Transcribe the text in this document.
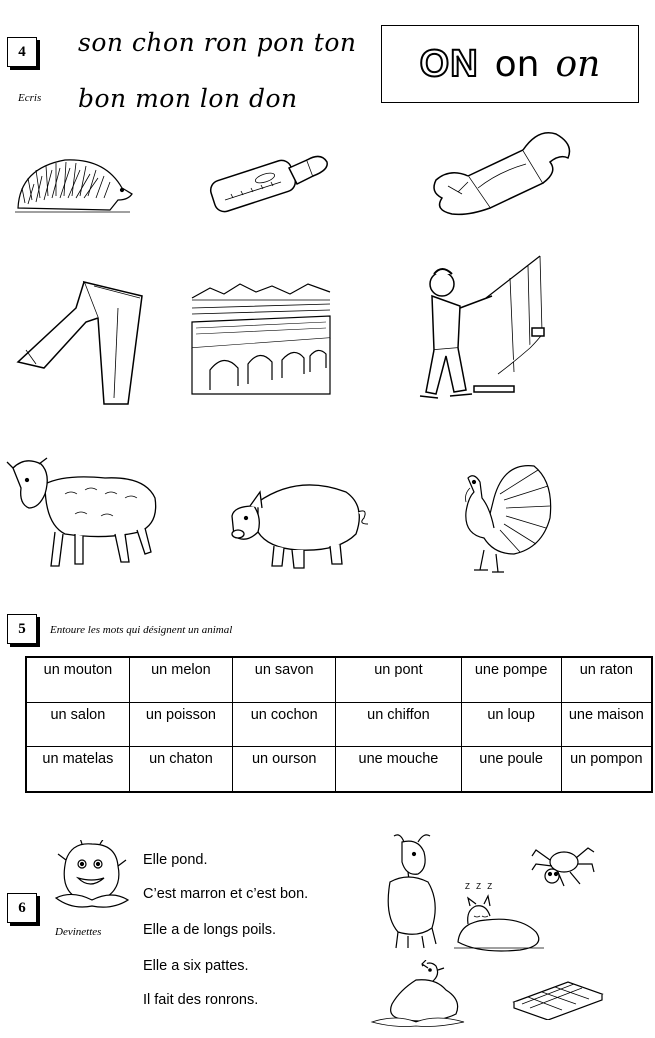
4
Ecris
son chon ron pon ton
bon mon lon don
ON on on
5	Entoure les mots qui désignent un animal
un mouton	un melon	un savon	un pont	une pompe	un raton
un salon	un poisson	un cochon	un chiffon	un loup	une maison
un matelas	un chaton	un ourson	une mouche	une poule	un pompon
6
Devinettes
Elle pond.
C’est marron et c’est bon.
Elle a de longs poils.
Elle a six pattes.
Il fait des ronrons.
Z Z Z
